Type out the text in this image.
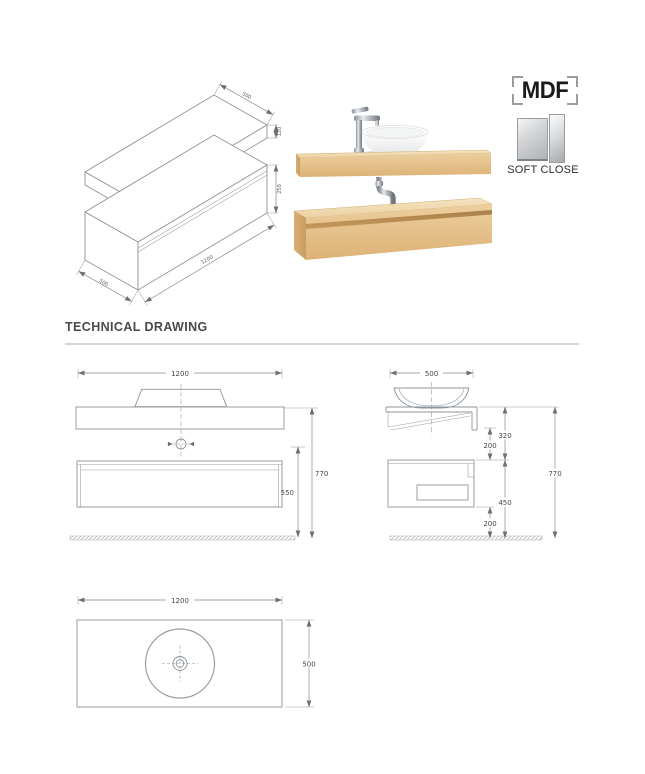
500
120
250
1200
500
MDF
SOFT CLOSE
TECHNICAL DRAWING
1200
550
770
500
200
320
450
200
770
1200
500
